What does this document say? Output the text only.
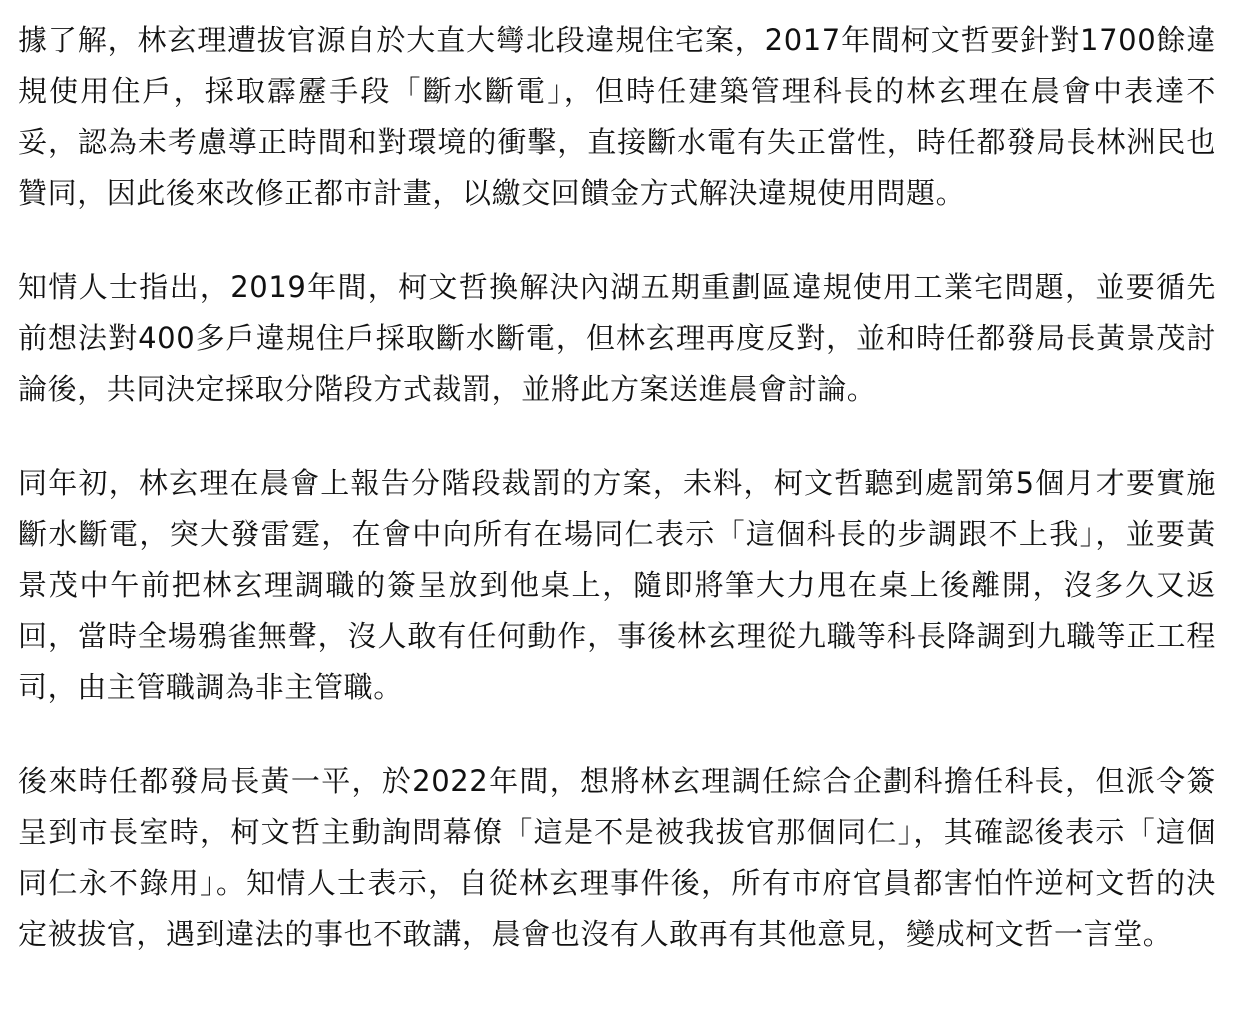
據了解，林玄理遭拔官源自於大直大彎北段違規住宅案，2017年間柯文哲要針對1700餘違規使用住戶，採取霹靂手段「斷水斷電」，但時任建築管理科長的林玄理在晨會中表達不妥，認為未考慮導正時間和對環境的衝擊，直接斷水電有失正當性，時任都發局長林洲民也贊同，因此後來改修正都市計畫，以繳交回饋金方式解決違規使用問題。

知情人士指出，2019年間，柯文哲換解決內湖五期重劃區違規使用工業宅問題，並要循先前想法對400多戶違規住戶採取斷水斷電，但林玄理再度反對，並和時任都發局長黃景茂討論後，共同決定採取分階段方式裁罰，並將此方案送進晨會討論。

同年初，林玄理在晨會上報告分階段裁罰的方案，未料，柯文哲聽到處罰第5個月才要實施斷水斷電，突大發雷霆，在會中向所有在場同仁表示「這個科長的步調跟不上我」，並要黃景茂中午前把林玄理調職的簽呈放到他桌上，隨即將筆大力甩在桌上後離開，沒多久又返回，當時全場鴉雀無聲，沒人敢有任何動作，事後林玄理從九職等科長降調到九職等正工程司，由主管職調為非主管職。

後來時任都發局長黃一平，於2022年間，想將林玄理調任綜合企劃科擔任科長，但派令簽呈到市長室時，柯文哲主動詢問幕僚「這是不是被我拔官那個同仁」，其確認後表示「這個同仁永不錄用」。知情人士表示，自從林玄理事件後，所有市府官員都害怕忤逆柯文哲的決定被拔官，遇到違法的事也不敢講，晨會也沒有人敢再有其他意見，變成柯文哲一言堂。
